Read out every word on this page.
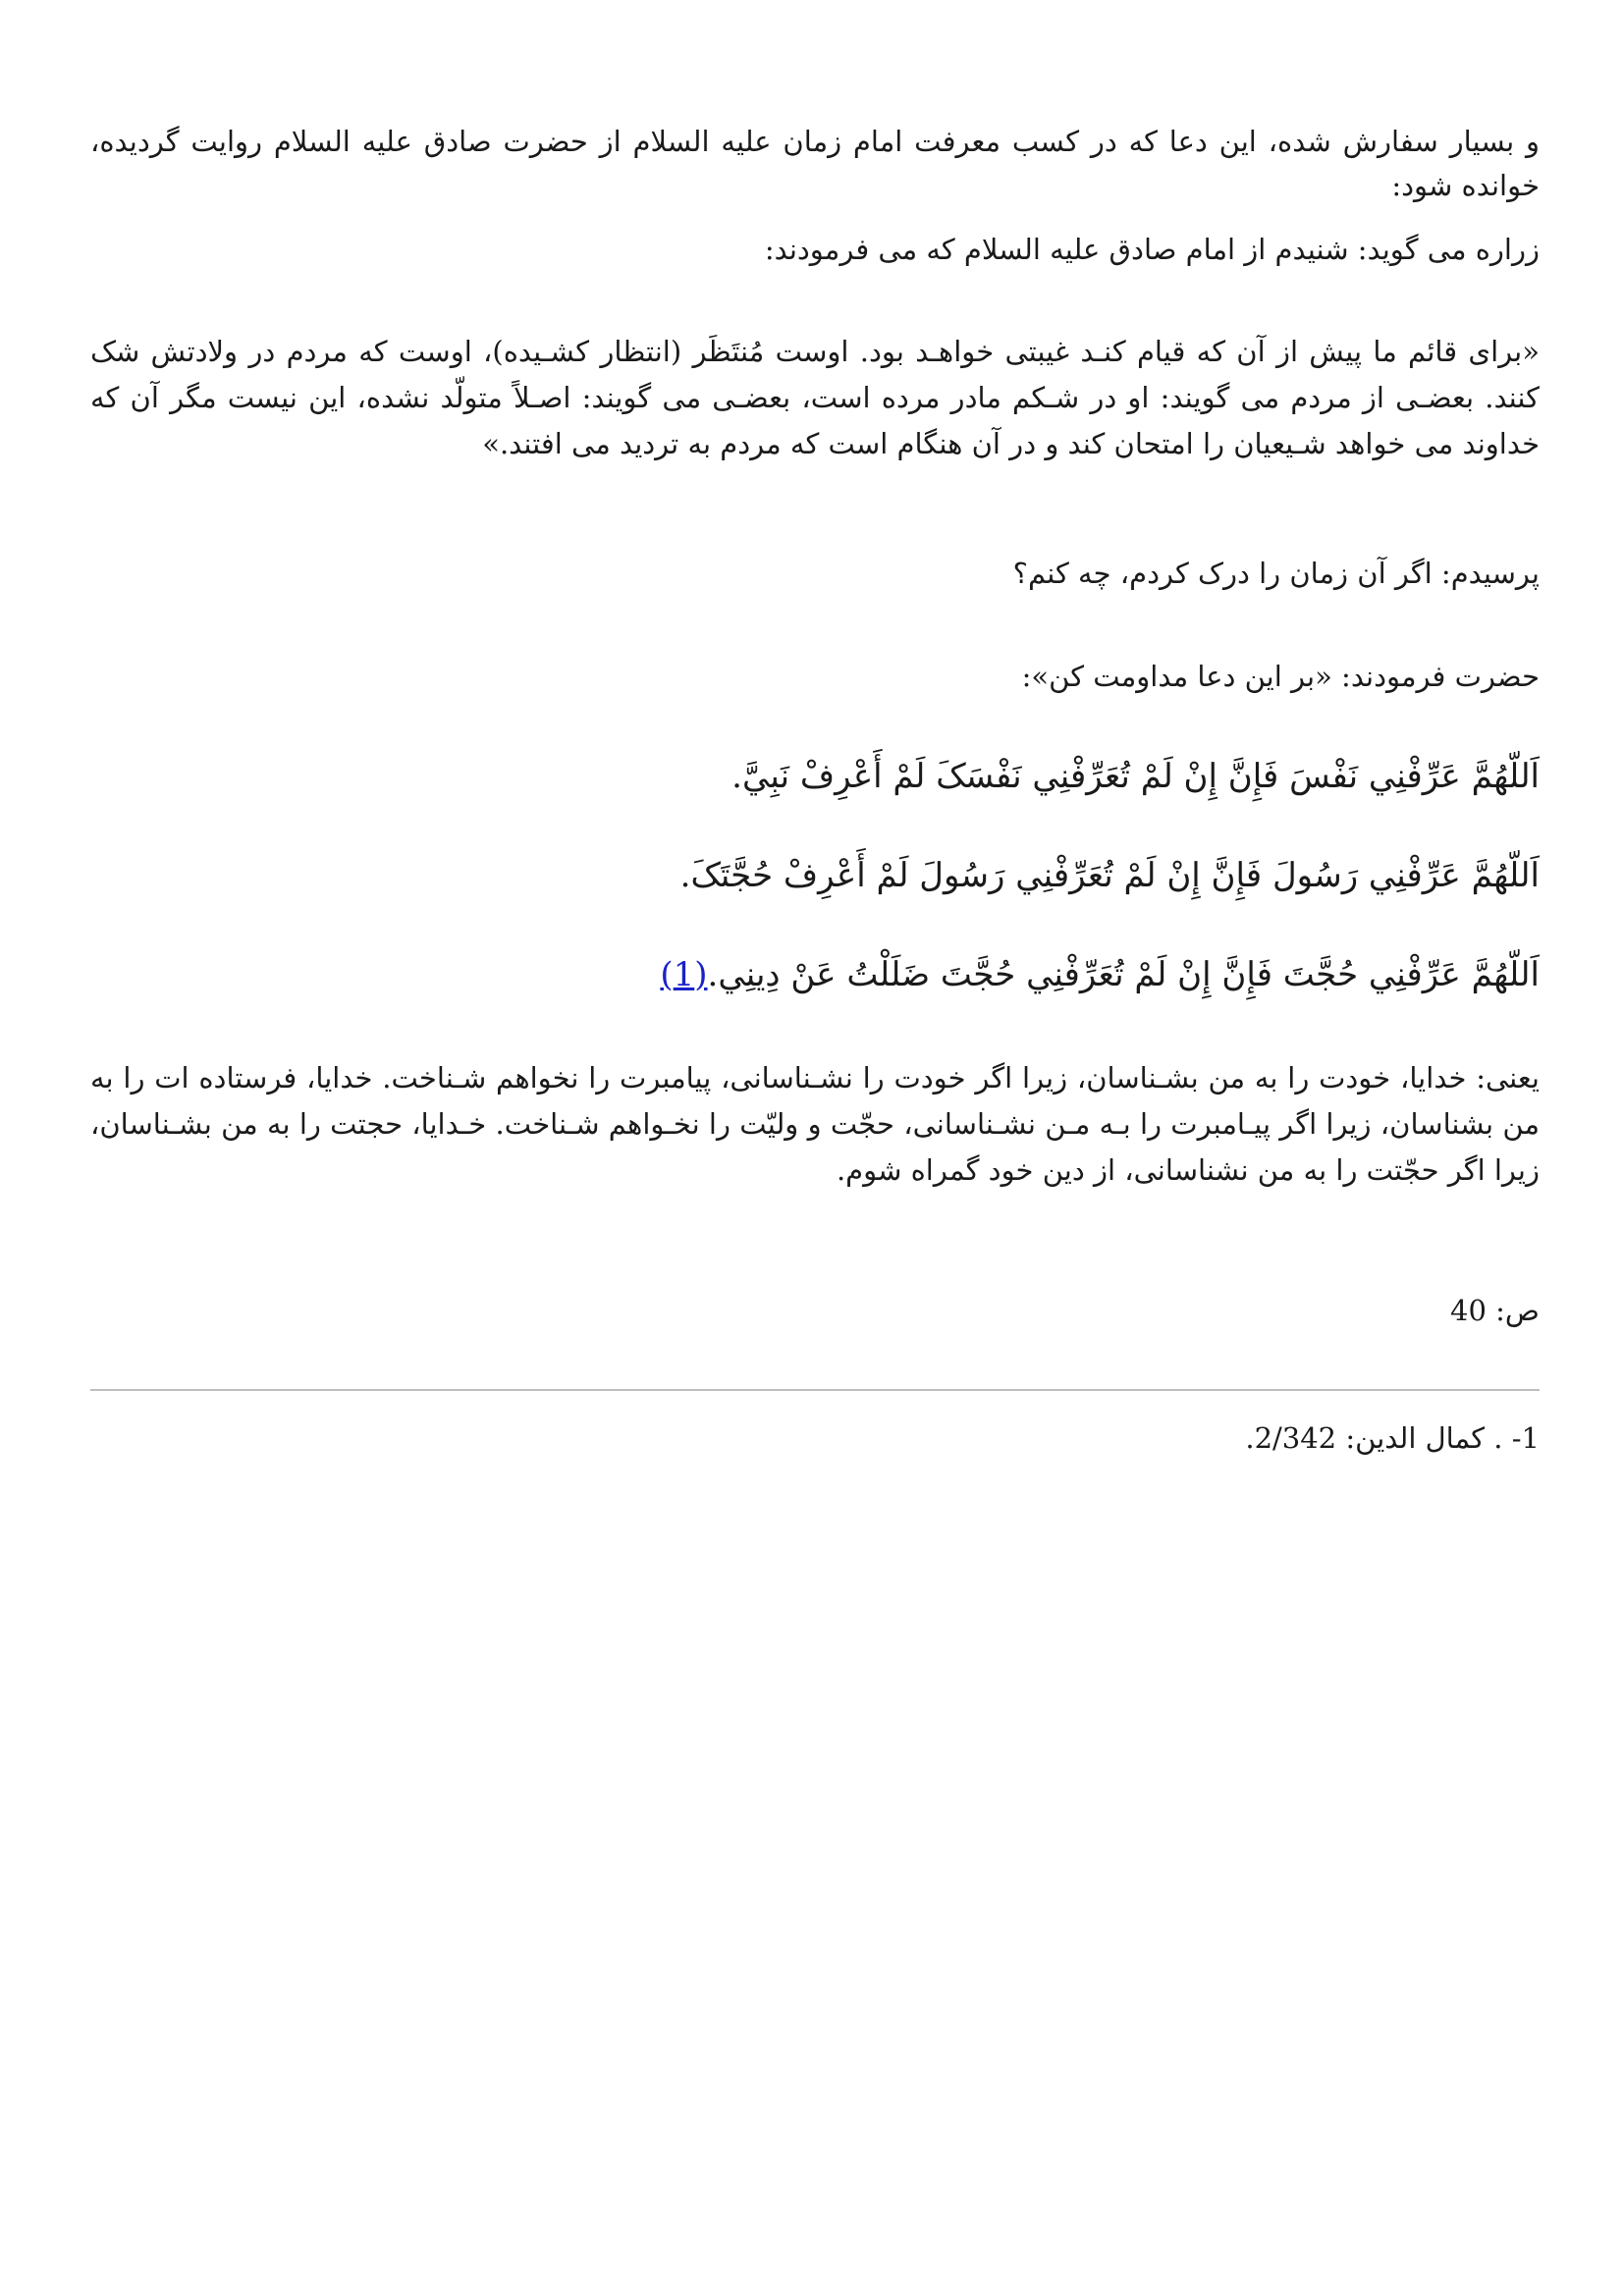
و بسیار سفارش شده، این دعا که در کسب معرفت امام زمان علیه السلام از حضرت صادق علیه السلام روایت گردیده، خوانده شود:

زراره می گوید: شنیدم از امام صادق علیه السلام که می فرمودند:

«برای قائم ما پیش از آن که قیام کنـد غیبتی خواهـد بود. اوست مُنتَظَر (انتظار کشـیده)، اوست که مردم در ولادتش شک کنند. بعضـی از مردم می گویند: او در شـکم مادر مرده است، بعضـی می گویند: اصـلاً متولّد نشده، این نیست مگر آن که خداوند می خواهد شـیعیان را امتحان کند و در آن هنگام است که مردم به تردید می افتند.»

پرسیدم: اگر آن زمان را درک کردم، چه کنم؟

حضرت فرمودند: «بر این دعا مداومت کن»:

اَللّهُمَّ عَرِّفْنِي نَفْسَ فَإِنَّ إِنْ لَمْ تُعَرِّفْنِي نَفْسَکَ لَمْ أَعْرِفْ نَبِيَّ.

اَللّهُمَّ عَرِّفْنِي رَسُولَ فَإِنَّ إِنْ لَمْ تُعَرِّفْنِي رَسُولَ لَمْ أَعْرِفْ حُجَّتَکَ.

اَللّهُمَّ عَرِّفْنِي حُجَّتَ فَإِنَّ إِنْ لَمْ تُعَرِّفْنِي حُجَّتَ ضَلَلْتُ عَنْ دِينِي.(1)

یعنی: خدایا، خودت را به من بشـناسان، زیرا اگر خودت را نشـناسانی، پیامبرت را نخواهم شـناخت. خدایا، فرستاده ات را به من بشناسان، زیرا اگر پیـامبرت را بـه مـن نشـناسانی، حجّت و ولیّت را نخـواهم شـناخت. خـدایا، حجتت را به من بشـناسان، زیرا اگر حجّتت را به من نشناسانی، از دین خود گمراه شوم.

ص: 40

1- . کمال الدین: 2/342.
